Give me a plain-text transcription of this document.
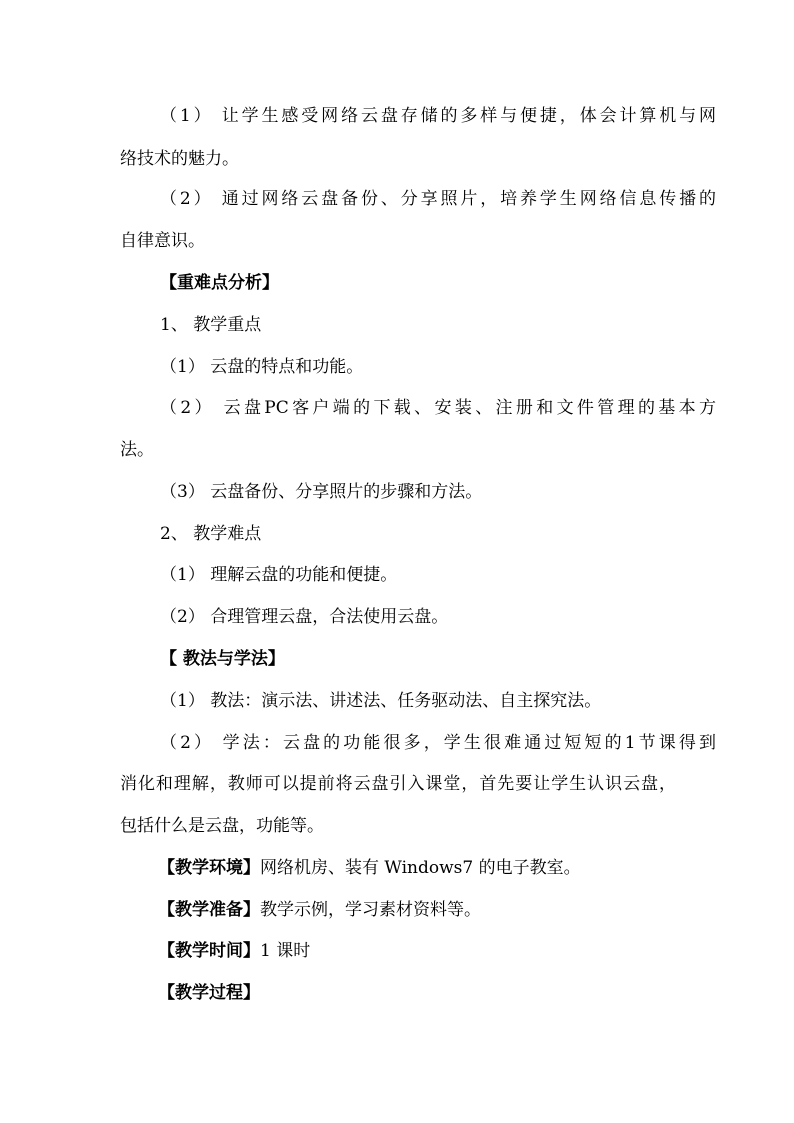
（1） 让学生感受网络云盘存储的多样与便捷，体会计算机与网

络技术的魅力。

（2） 通过网络云盘备份、分享照片，培养学生网络信息传播的

自律意识。

【重难点分析】

1、 教学重点

（1） 云盘的特点和功能。

（2） 云盘PC客户端的下载、安装、注册和文件管理的基本方

法。

（3） 云盘备份、分享照片的步骤和方法。

2、 教学难点

（1） 理解云盘的功能和便捷。

（2） 合理管理云盘，合法使用云盘。

【 教法与学法】

（1） 教法：演示法、讲述法、任务驱动法、自主探究法。

（2） 学法：云盘的功能很多，学生很难通过短短的1节课得到

消化和理解，教师可以提前将云盘引入课堂，首先要让学生认识云盘，

包括什么是云盘，功能等。

【教学环境】网络机房、装有 Windows7 的电子教室。

【教学准备】教学示例，学习素材资料等。

【教学时间】1 课时

【教学过程】
